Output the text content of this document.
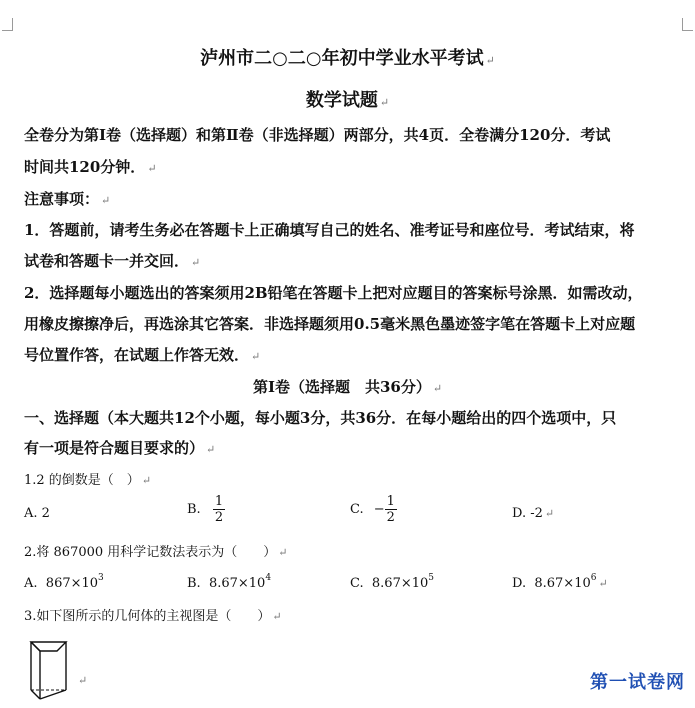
泸州市二○二○年初中学业水平考试 ↵
数学试题 ↵
全卷分为第Ⅰ卷（选择题）和第Ⅱ卷（非选择题）两部分，共4页．全卷满分120分．考试
时间共120分钟． ↵
注意事项： ↵
1．答题前，请考生务必在答题卡上正确填写自己的姓名、准考证号和座位号．考试结束，将
试卷和答题卡一并交回． ↵
2．选择题每小题选出的答案须用2B铅笔在答题卡上把对应题目的答案标号涂黑．如需改动，
用橡皮擦擦净后，再选涂其它答案．非选择题须用0.5毫米黑色墨迹签字笔在答题卡上对应题
号位置作答，在试题上作答无效． ↵
第Ⅰ卷（选择题　共36分） ↵
一、选择题（本大题共12个小题，每小题3分，共36分．在每小题给出的四个选项中，只
有一项是符合题目要求的） ↵
1.2 的倒数是（　） ↵
A. 2	B. $\frac{1}{2}$	C. − $\frac{1}{2}$	D. -2 ↵
2.将 867000 用科学记数法表示为（　　） ↵
A. $867\times 10^3$	B. $8.67\times 10^4$	C. $8.67\times 10^5$	D. $8.67\times 10^6$ ↵
3.如下图所示的几何体的主视图是（　　） ↵
↵	第一试卷网
